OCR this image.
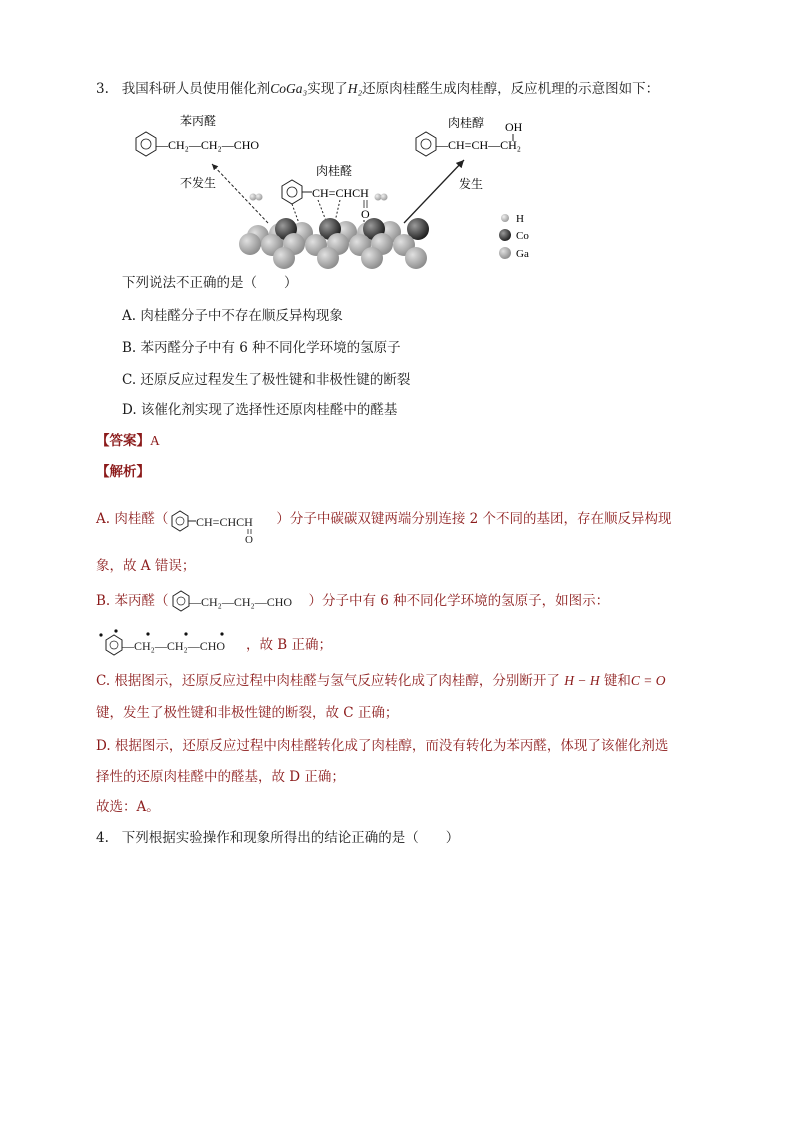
3. 我国科研人员使用催化剂CoGa₃实现了H₂还原肉桂醛生成肉桂醇，反应机理的示意图如下：
苯丙醛
—CH₂—CH₂—CHO
不发生
肉桂醛
CH=CHCH
O
发生
肉桂醇 OH
—CH=CH—CH₂
H
Co
Ga
下列说法不正确的是（　　）
A. 肉桂醛分子中不存在顺反异构现象
B. 苯丙醛分子中有 6 种不同化学环境的氢原子
C. 还原反应过程发生了极性键和非极性键的断裂
D. 该催化剂实现了选择性还原肉桂醛中的醛基
【答案】A
【解析】
A. 肉桂醛（ CH=CHCH
O
）分子中碳碳双键两端分别连接 2 个不同的基团，存在顺反异构现
象，故 A 错误；
B. 苯丙醛（ —CH₂—CH₂—CHO ）分子中有 6 种不同化学环境的氢原子，如图示：
—CH₂—CH₂—CHO ，故 B 正确；
C. 根据图示，还原反应过程中肉桂醛与氢气反应转化成了肉桂醇，分别断开了 H − H 键和C = O
键，发生了极性键和非极性键的断裂，故 C 正确；
D. 根据图示，还原反应过程中肉桂醛转化成了肉桂醇，而没有转化为苯丙醛，体现了该催化剂选
择性的还原肉桂醛中的醛基，故 D 正确；
故选：A。
4. 下列根据实验操作和现象所得出的结论正确的是（　　）
